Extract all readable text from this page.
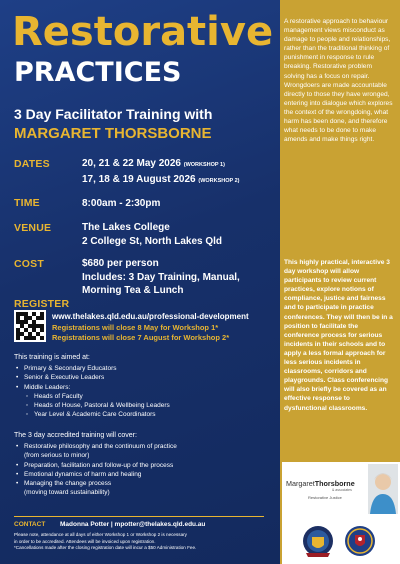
Restorative
PRACTICES
3 Day Facilitator Training with
MARGARET THORSBORNE
DATES	20, 21 & 22 May 2026 (WORKSHOP 1)
17, 18 & 19 August 2026 (WORKSHOP 2)
TIME	8:00am - 2:30pm
VENUE	The Lakes College
2 College St, North Lakes Qld
COST	$680 per person
Includes: 3 Day Training, Manual,
Morning Tea & Lunch
REGISTER
www.thelakes.qld.edu.au/professional-development
Registrations will close 8 May for Workshop 1*
Registrations will close 7 August for Workshop 2*
This training is aimed at:
• Primary & Secondary Educators
• Senior & Executive Leaders
• Middle Leaders:
◦ Heads of Faculty
◦ Heads of House, Pastoral & Wellbeing Leaders
◦ Year Level & Academic Care Coordinators
The 3 day accredited training will cover:
• Restorative philosophy and the continuum of practice
(from serious to minor)
• Preparation, facilitation and follow-up of the process
• Emotional dynamics of harm and healing
• Managing the change process
(moving toward sustainability)
CONTACT Madonna Potter | mpotter@thelakes.qld.edu.au
Please note, attendance at all days of either Workshop 1 or Workshop 2 is necessary
in order to be accredited. Attendees will be invoiced upon registration.
*Cancellations made after the closing registration date will incur a $50 Administration Fee.
A restorative approach to behaviour management views misconduct as damage to people and relationships, rather than the traditional thinking of punishment in response to rule breaking. Restorative problem solving has a focus on repair. Wrongdoers are made accountable directly to those they have wronged, entering into dialogue which explores the context of the wrongdoing, what harm has been done, and therefore what needs to be done to make amends and make things right.
This highly practical, interactive 3 day workshop will allow participants to review current practices, explore notions of compliance, justice and fairness and to participate in practice conferences. They will then be in a position to facilitate the conference process for serious incidents in their schools and to apply a less formal approach for less serious incidents in classrooms, corridors and playgrounds. Class conferencing will also briefly be covered as an effective response to dysfunctional classrooms.
MargaretThorsborne
& associates
Restorative Justice
